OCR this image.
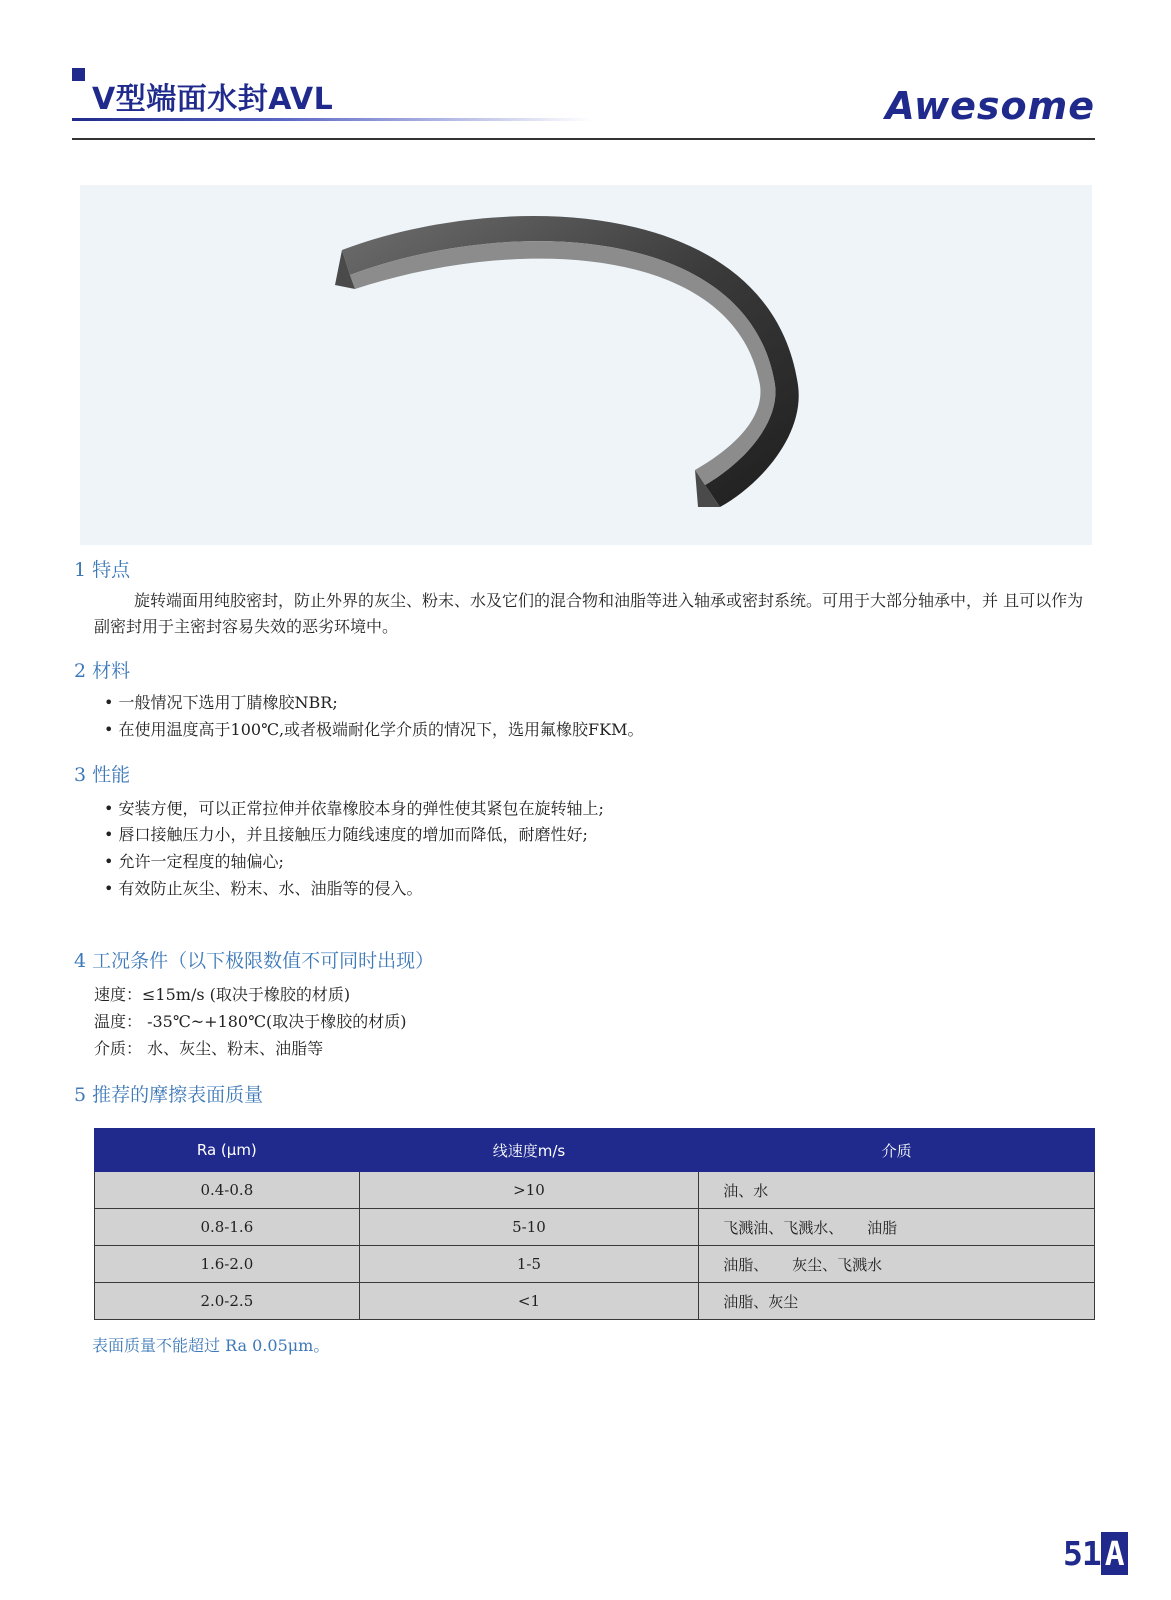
V型端面水封AVL	Awesome
1 特点
旋转端面用纯胶密封，防止外界的灰尘、粉末、水及它们的混合物和油脂等进入轴承或密封系统。可用于大部分轴承中，并 且可以作为副密封用于主密封容易失效的恶劣环境中。
2 材料
• 一般情况下选用丁腈橡胶NBR;
• 在使用温度高于100℃,或者极端耐化学介质的情况下，选用氟橡胶FKM。
3 性能
• 安装方便，可以正常拉伸并依靠橡胶本身的弹性使其紧包在旋转轴上;
• 唇口接触压力小，并且接触压力随线速度的增加而降低，耐磨性好;
• 允许一定程度的轴偏心;
• 有效防止灰尘、粉末、水、油脂等的侵入。
4 工况条件（以下极限数值不可同时出现）
速度：≤15m/s (取决于橡胶的材质)
温度： -35℃~+180℃(取决于橡胶的材质)
介质： 水、灰尘、粉末、油脂等
5 推荐的摩擦表面质量
Ra (μm)	线速度m/s	介质
0.4-0.8	>10	油、水
0.8-1.6	5-10	飞溅油、飞溅水、     油脂
1.6-2.0	1-5	油脂、     灰尘、飞溅水
2.0-2.5	<1	油脂、灰尘
表面质量不能超过 Ra 0.05μm。
51 A
